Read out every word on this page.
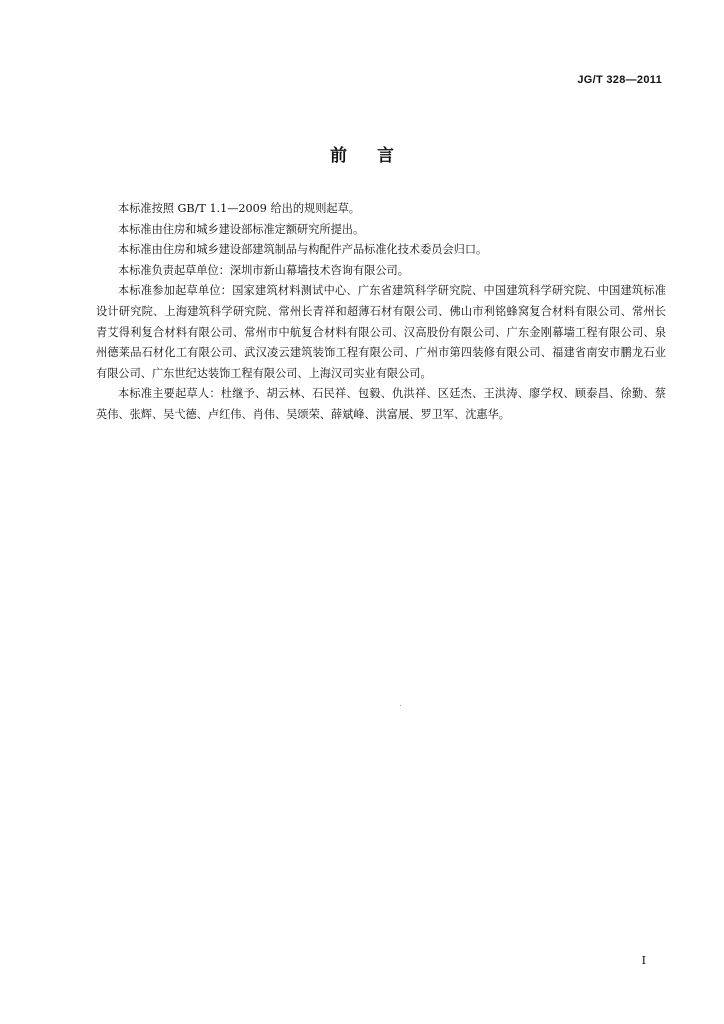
JG/T 328—2011
前言

本标准按照 GB/T 1.1—2009 给出的规则起草。

本标准由住房和城乡建设部标准定额研究所提出。

本标准由住房和城乡建设部建筑制品与构配件产品标准化技术委员会归口。

本标准负责起草单位：深圳市新山幕墙技术咨询有限公司。

本标准参加起草单位：国家建筑材料测试中心、广东省建筑科学研究院、中国建筑科学研究院、中国建筑标准设计研究院、上海建筑科学研究院、常州长青祥和超薄石材有限公司、佛山市利铭蜂窝复合材料有限公司、常州长青艾得利复合材料有限公司、常州市中航复合材料有限公司、汉高股份有限公司、广东金刚幕墙工程有限公司、泉州德莱品石材化工有限公司、武汉凌云建筑装饰工程有限公司、广州市第四装修有限公司、福建省南安市鹏龙石业有限公司、广东世纪达装饰工程有限公司、上海汉司实业有限公司。

本标准主要起草人：杜继予、胡云林、石民祥、包毅、仇洪祥、区廷杰、王洪涛、廖学权、顾泰昌、徐勤、蔡英伟、张辉、吴弋德、卢红伟、肖伟、吴颂荣、薛斌峰、洪富展、罗卫军、沈惠华。

I
